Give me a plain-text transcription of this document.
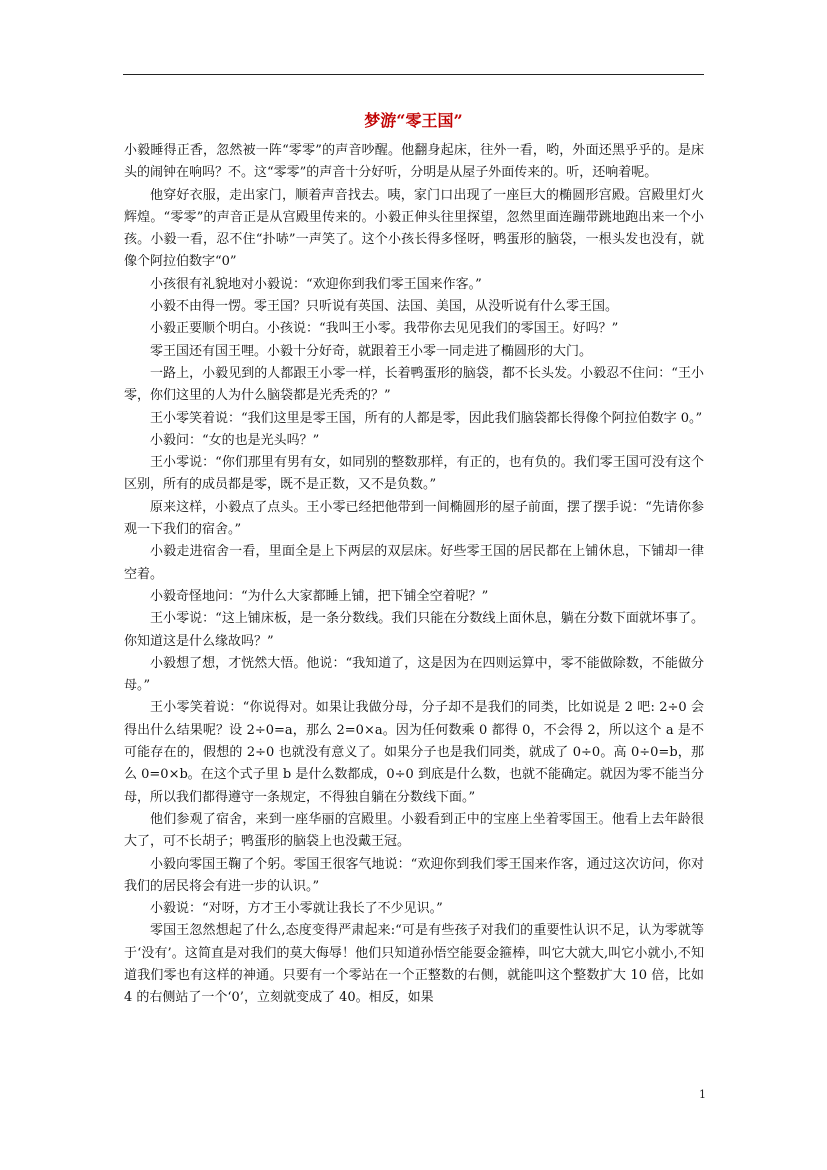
梦游“零王国”

小毅睡得正香，忽然被一阵“零零”的声音吵醒。他翻身起床，往外一看，哟，外面还黑乎乎的。是床头的闹钟在响吗？不。这“零零”的声音十分好听，分明是从屋子外面传来的。听，还响着呢。

他穿好衣服，走出家门，顺着声音找去。咦，家门口出现了一座巨大的椭圆形宫殿。宫殿里灯火辉煌。“零零”的声音正是从宫殿里传来的。小毅正伸头往里探望，忽然里面连蹦带跳地跑出来一个小孩。小毅一看，忍不住“扑哧”一声笑了。这个小孩长得多怪呀，鸭蛋形的脑袋，一根头发也没有，就像个阿拉伯数字“0”

小孩很有礼貌地对小毅说：“欢迎你到我们零王国来作客。”

小毅不由得一愣。零王国？只听说有英国、法国、美国，从没听说有什么零王国。

小毅正要顺个明白。小孩说：“我叫王小零。我带你去见见我们的零国王。好吗？”

零王国还有国王哩。小毅十分好奇，就跟着王小零一同走进了椭圆形的大门。

一路上，小毅见到的人都跟王小零一样，长着鸭蛋形的脑袋，都不长头发。小毅忍不住问：“王小零，你们这里的人为什么脑袋都是光秃秃的？”

王小零笑着说：“我们这里是零王国，所有的人都是零，因此我们脑袋都长得像个阿拉伯数字 0。”

小毅问：“女的也是光头吗？”

王小零说：“你们那里有男有女，如同别的整数那样，有正的，也有负的。我们零王国可没有这个区别，所有的成员都是零，既不是正数，又不是负数。”

原来这样，小毅点了点头。王小零已经把他带到一间椭圆形的屋子前面，摆了摆手说：“先请你参观一下我们的宿舍。”

小毅走进宿舍一看，里面全是上下两层的双层床。好些零王国的居民都在上铺休息，下铺却一律空着。

小毅奇怪地问：“为什么大家都睡上铺，把下铺全空着呢？”

王小零说：“这上铺床板，是一条分数线。我们只能在分数线上面休息，躺在分数下面就坏事了。你知道这是什么缘故吗？”

小毅想了想，才恍然大悟。他说：“我知道了，这是因为在四则运算中，零不能做除数，不能做分母。”

王小零笑着说：“你说得对。如果让我做分母，分子却不是我们的同类，比如说是 2 吧: 2÷0 会得出什么结果呢？设 2÷0=a，那么 2=0×a。因为任何数乘 0 都得 0，不会得 2，所以这个 a 是不可能存在的，假想的 2÷0 也就没有意义了。如果分子也是我们同类，就成了 0÷0。高 0÷0=b，那么 0=0×b。在这个式子里 b 是什么数都成，0÷0 到底是什么数，也就不能确定。就因为零不能当分母，所以我们都得遵守一条规定，不得独自躺在分数线下面。”

他们参观了宿舍，来到一座华丽的宫殿里。小毅看到正中的宝座上坐着零国王。他看上去年龄很大了，可不长胡子；鸭蛋形的脑袋上也没戴王冠。

小毅向零国王鞠了个躬。零国王很客气地说：“欢迎你到我们零王国来作客，通过这次访问，你对我们的居民将会有进一步的认识。”

小毅说：“对呀，方才王小零就让我长了不少见识。”

零国王忽然想起了什么,态度变得严肃起来:“可是有些孩子对我们的重要性认识不足，认为零就等于‘没有’。这简直是对我们的莫大侮辱！他们只知道孙悟空能耍金箍棒，叫它大就大,叫它小就小,不知道我们零也有这样的神通。只要有一个零站在一个正整数的右侧，就能叫这个整数扩大 10 倍，比如 4 的右侧站了一个‘0’，立刻就变成了 40。相反，如果

1
